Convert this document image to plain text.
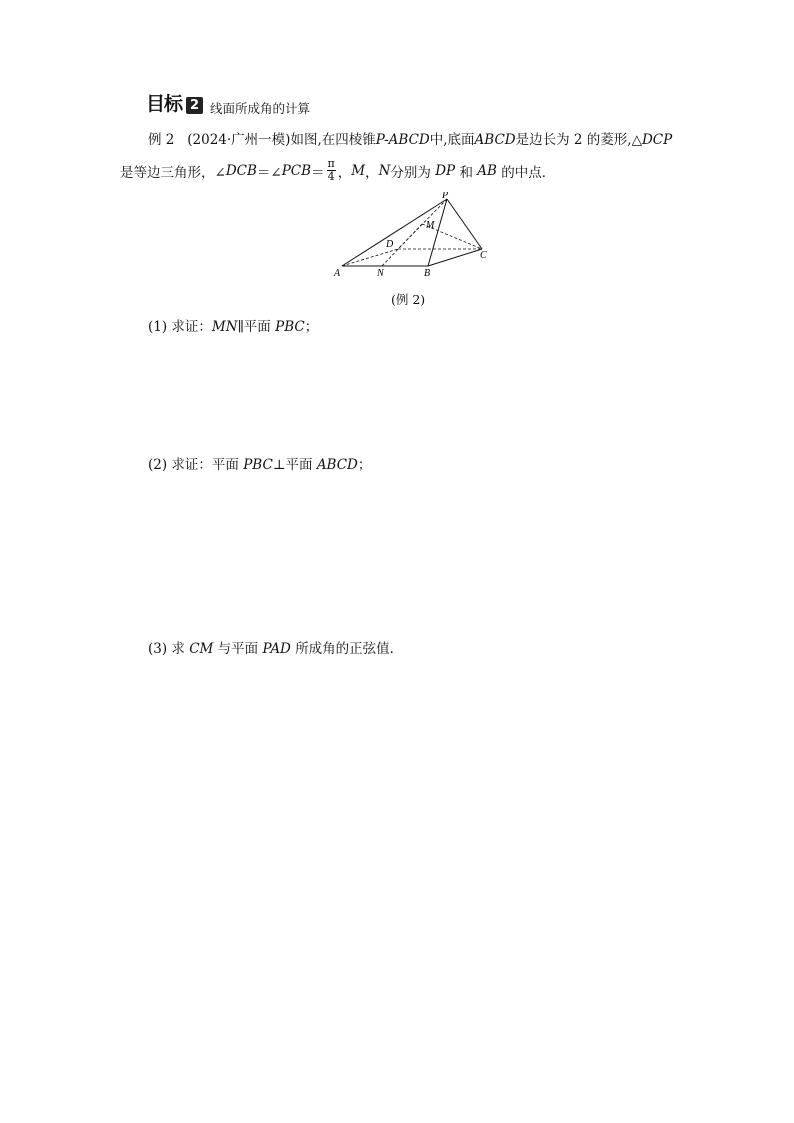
目标 2 线面所成角的计算
例 2 (2024·广州一模)如图,在四棱锥P-ABCD中,底面ABCD是边长为 2 的菱形,△DCP
是等边三角形，∠ DCB ＝∠ PCB ＝ $\frac{\pi}{4}$ ， M ， N 分别为
DP
和
AB
的中点．
P
M
D
C
A	N	B
(例 2)
(1) 求证：MN∥平面 PBC；
(2) 求证：平面 PBC⊥平面 ABCD；
(3) 求 CM 与平面 PAD 所成角的正弦值．
